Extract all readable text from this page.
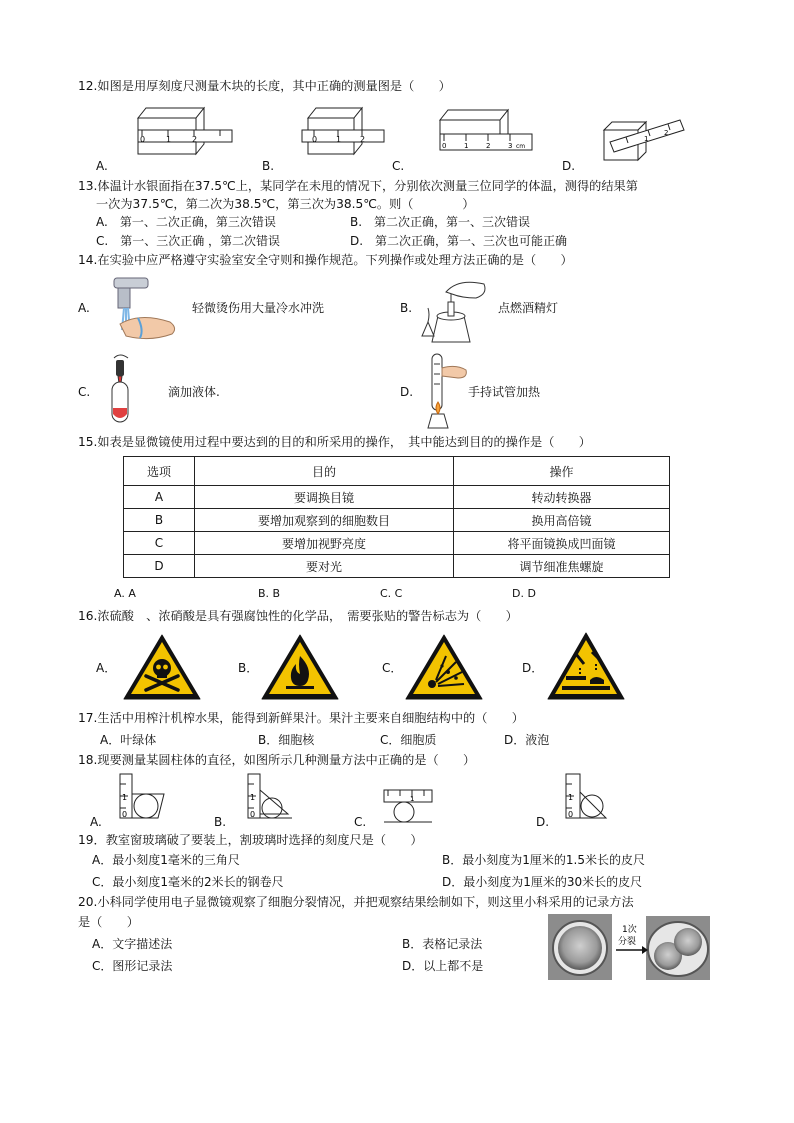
12.如图是用厚刻度尺测量木块的长度，其中正确的测量图是（　　）
0	1	2
A.
0 1 2
B.
0	1	2	3 cm
C.
1
2
D.
13.体温计水银面指在37.5℃上，某同学在未甩的情况下，分别依次测量三位同学的体温，测得的结果第
一次为37.5℃，第二次为38.5℃，第三次为38.5℃。则（　　　　）
A.　第一、二次正确，第三次错误	B.　第二次正确，第一、三次错误
C.　第一、三次正确 ，第二次错误	D.　第二次正确，第一、三次也可能正确
14.在实验中应严格遵守实验室安全守则和操作规范。下列操作或处理方法正确的是（　　）
A.	轻微烫伤用大量冷水冲洗	B.	点燃酒精灯
C.	滴加液体.	D.	手持试管加热
15.如表是显微镜使用过程中要达到的目的和所采用的操作，　其中能达到目的的操作是（　　）
选项	目的	操作
A	要调换目镜	转动转换器
B	要增加观察到的细胞数目	换用高倍镜
C	要增加视野亮度	将平面镜换成凹面镜
D	要对光	调节细准焦螺旋
A. A	B. B	C. C	D. D
16.浓硫酸　、浓硝酸是具有强腐蚀性的化学品，　需要张贴的警告标志为（　　）
A．	B．	C．	D．
17.生活中用榨汁机榨水果，能得到新鲜果汁。果汁主要来自细胞结构中的（　　）
A．叶绿体	B．细胞核	C．细胞质	D．液泡
18.现要测量某圆柱体的直径，如图所示几种测量方法中正确的是（　　）
A.
1
0
B.
1
0
C.
1
D.
1
0
19．教室窗玻璃破了要装上，割玻璃时选择的刻度尺是（　　）
A．最小刻度1毫米的三角尺	B．最小刻度为1厘米的1.5米长的皮尺
C．最小刻度1毫米的2米长的钢卷尺	D．最小刻度为1厘米的30米长的皮尺
20.小科同学使用电子显微镜观察了细胞分裂情况，并把观察结果绘制如下，则这里小科采用的记录方法
是（　　）
A．文字描述法	B．表格记录法
C．图形记录法	D．以上都不是
1次
分裂
